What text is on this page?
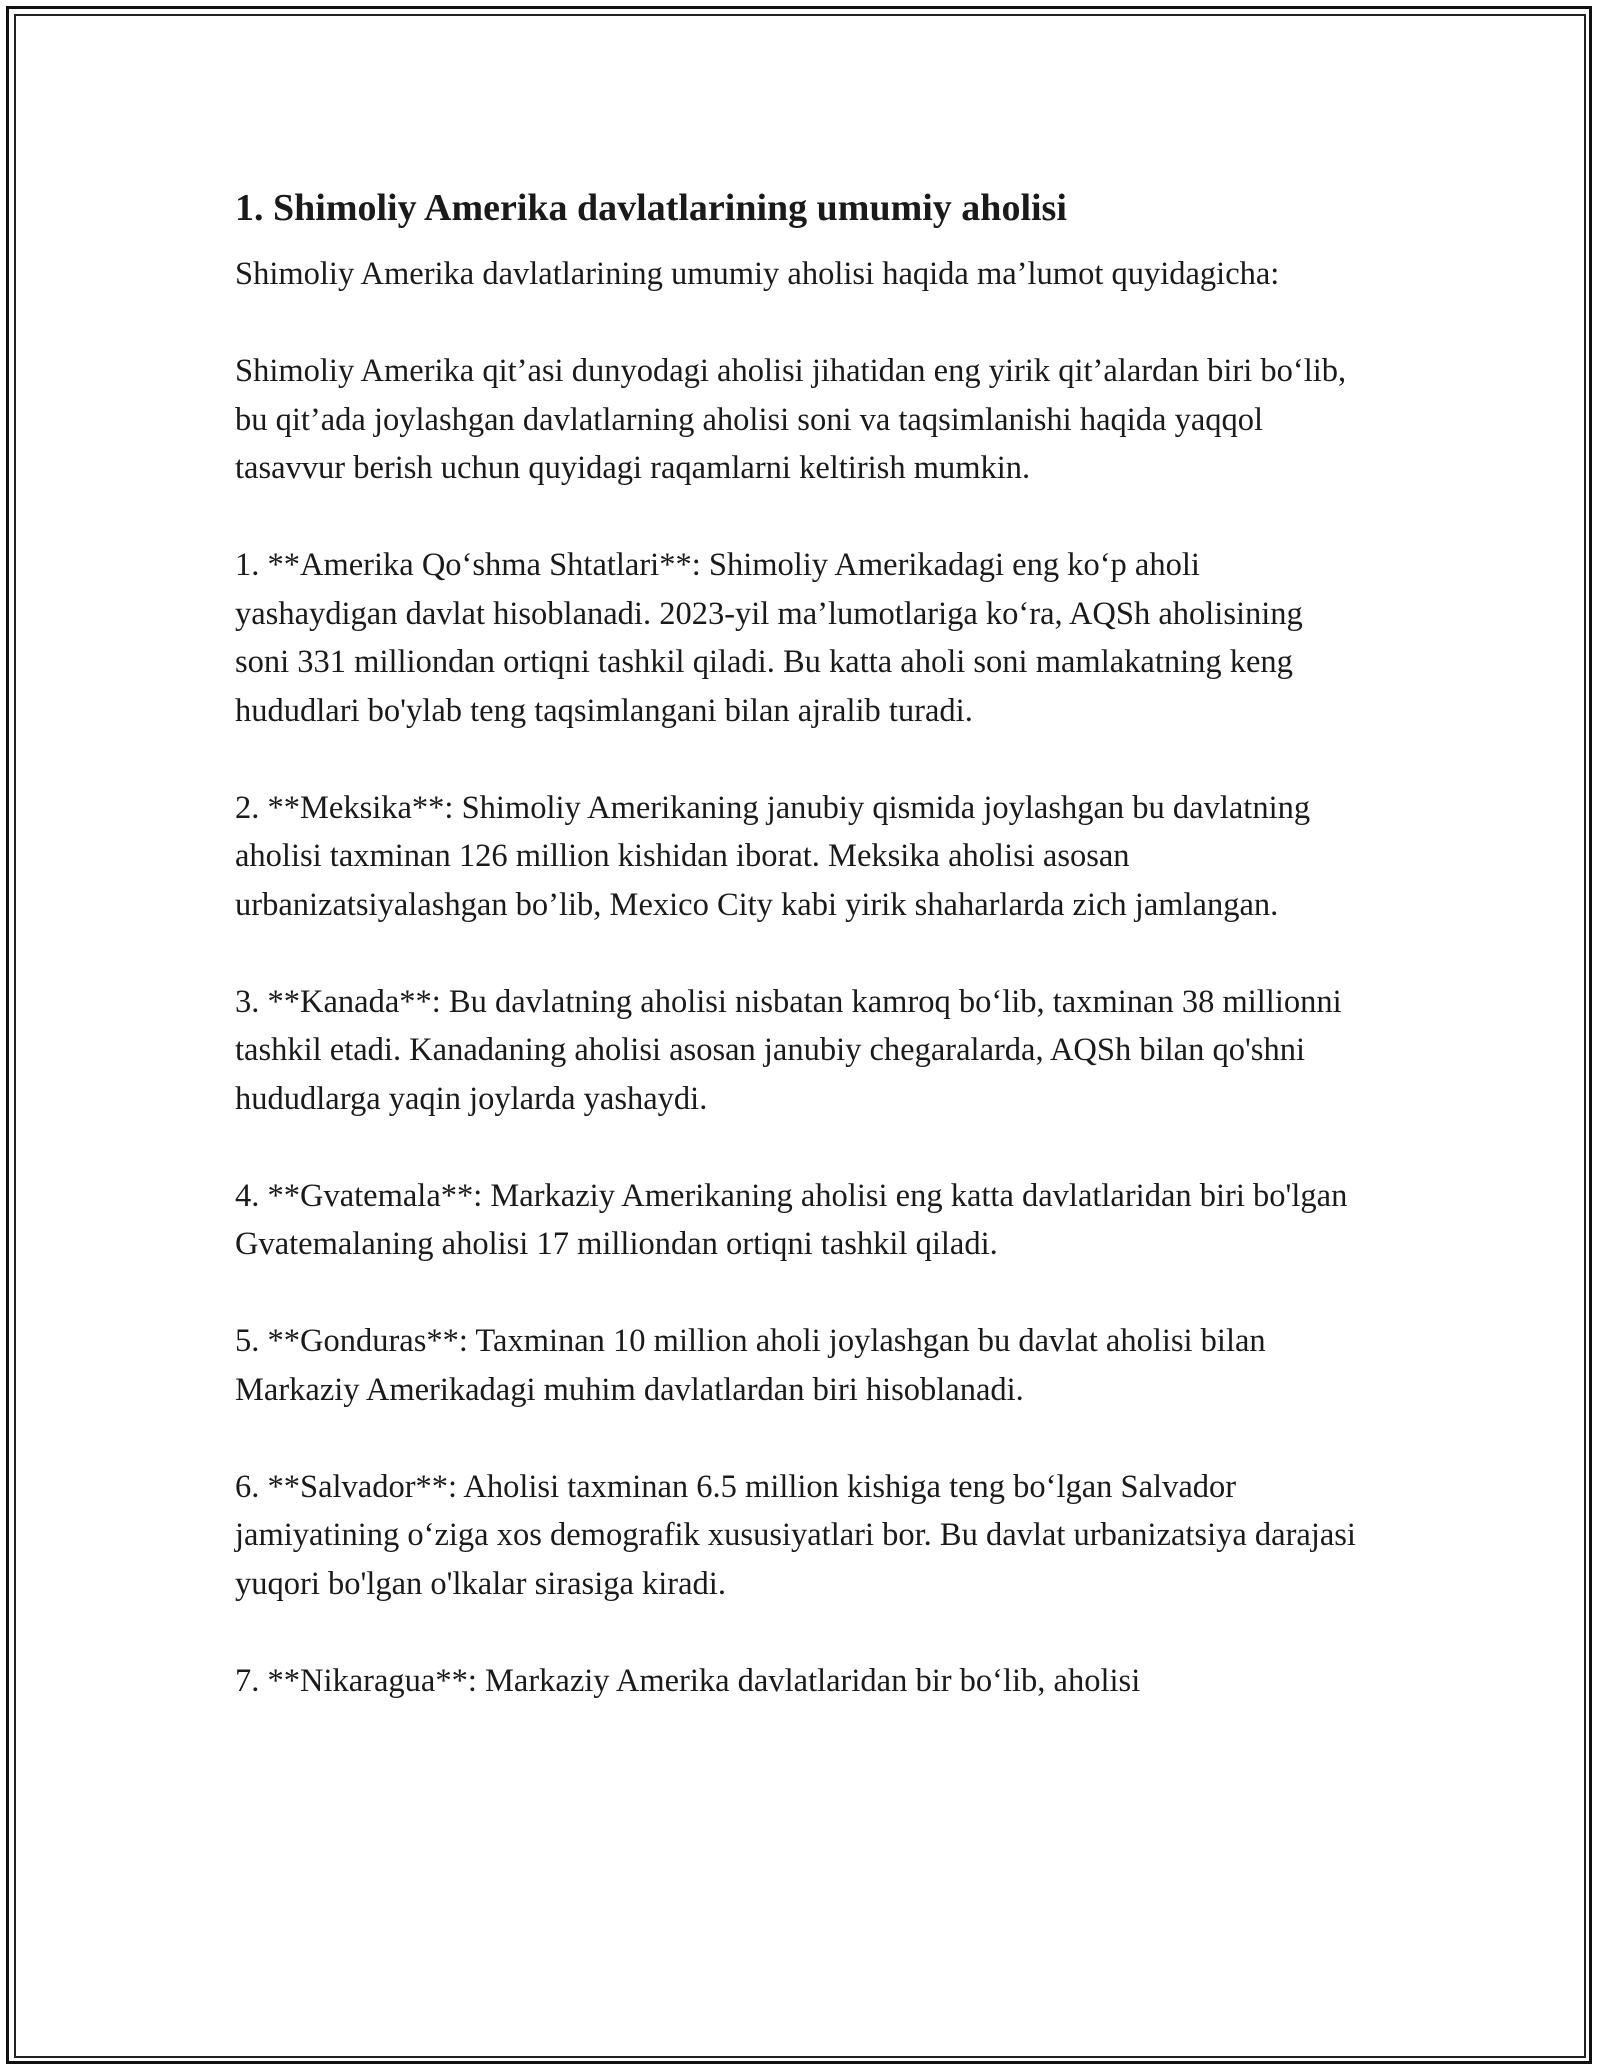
1. Shimoliy Amerika davlatlarining umumiy aholisi

Shimoliy Amerika davlatlarining umumiy aholisi haqida ma’lumot quyidagicha:

Shimoliy Amerika qit’asi dunyodagi aholisi jihatidan eng yirik qit’alardan biri bo‘lib, bu qit’ada joylashgan davlatlarning aholisi soni va taqsimlanishi haqida yaqqol tasavvur berish uchun quyidagi raqamlarni keltirish mumkin.

1. **Amerika Qo‘shma Shtatlari**: Shimoliy Amerikadagi eng ko‘p aholi yashaydigan davlat hisoblanadi. 2023-yil ma’lumotlariga ko‘ra, AQSh aholisining soni 331 milliondan ortiqni tashkil qiladi. Bu katta aholi soni mamlakatning keng hududlari bo'ylab teng taqsimlangani bilan ajralib turadi.

2. **Meksika**: Shimoliy Amerikaning janubiy qismida joylashgan bu davlatning aholisi taxminan 126 million kishidan iborat. Meksika aholisi asosan urbanizatsiyalashgan bo’lib, Mexico City kabi yirik shaharlarda zich jamlangan.

3. **Kanada**: Bu davlatning aholisi nisbatan kamroq bo‘lib, taxminan 38 millionni tashkil etadi. Kanadaning aholisi asosan janubiy chegaralarda, AQSh bilan qo'shni hududlarga yaqin joylarda yashaydi.

4. **Gvatemala**: Markaziy Amerikaning aholisi eng katta davlatlaridan biri bo'lgan Gvatemalaning aholisi 17 milliondan ortiqni tashkil qiladi.

5. **Gonduras**: Taxminan 10 million aholi joylashgan bu davlat aholisi bilan Markaziy Amerikadagi muhim davlatlardan biri hisoblanadi.

6. **Salvador**: Aholisi taxminan 6.5 million kishiga teng bo‘lgan Salvador jamiyatining o‘ziga xos demografik xususiyatlari bor. Bu davlat urbanizatsiya darajasi yuqori bo'lgan o'lkalar sirasiga kiradi.

7. **Nikaragua**: Markaziy Amerika davlatlaridan bir bo‘lib, aholisi
